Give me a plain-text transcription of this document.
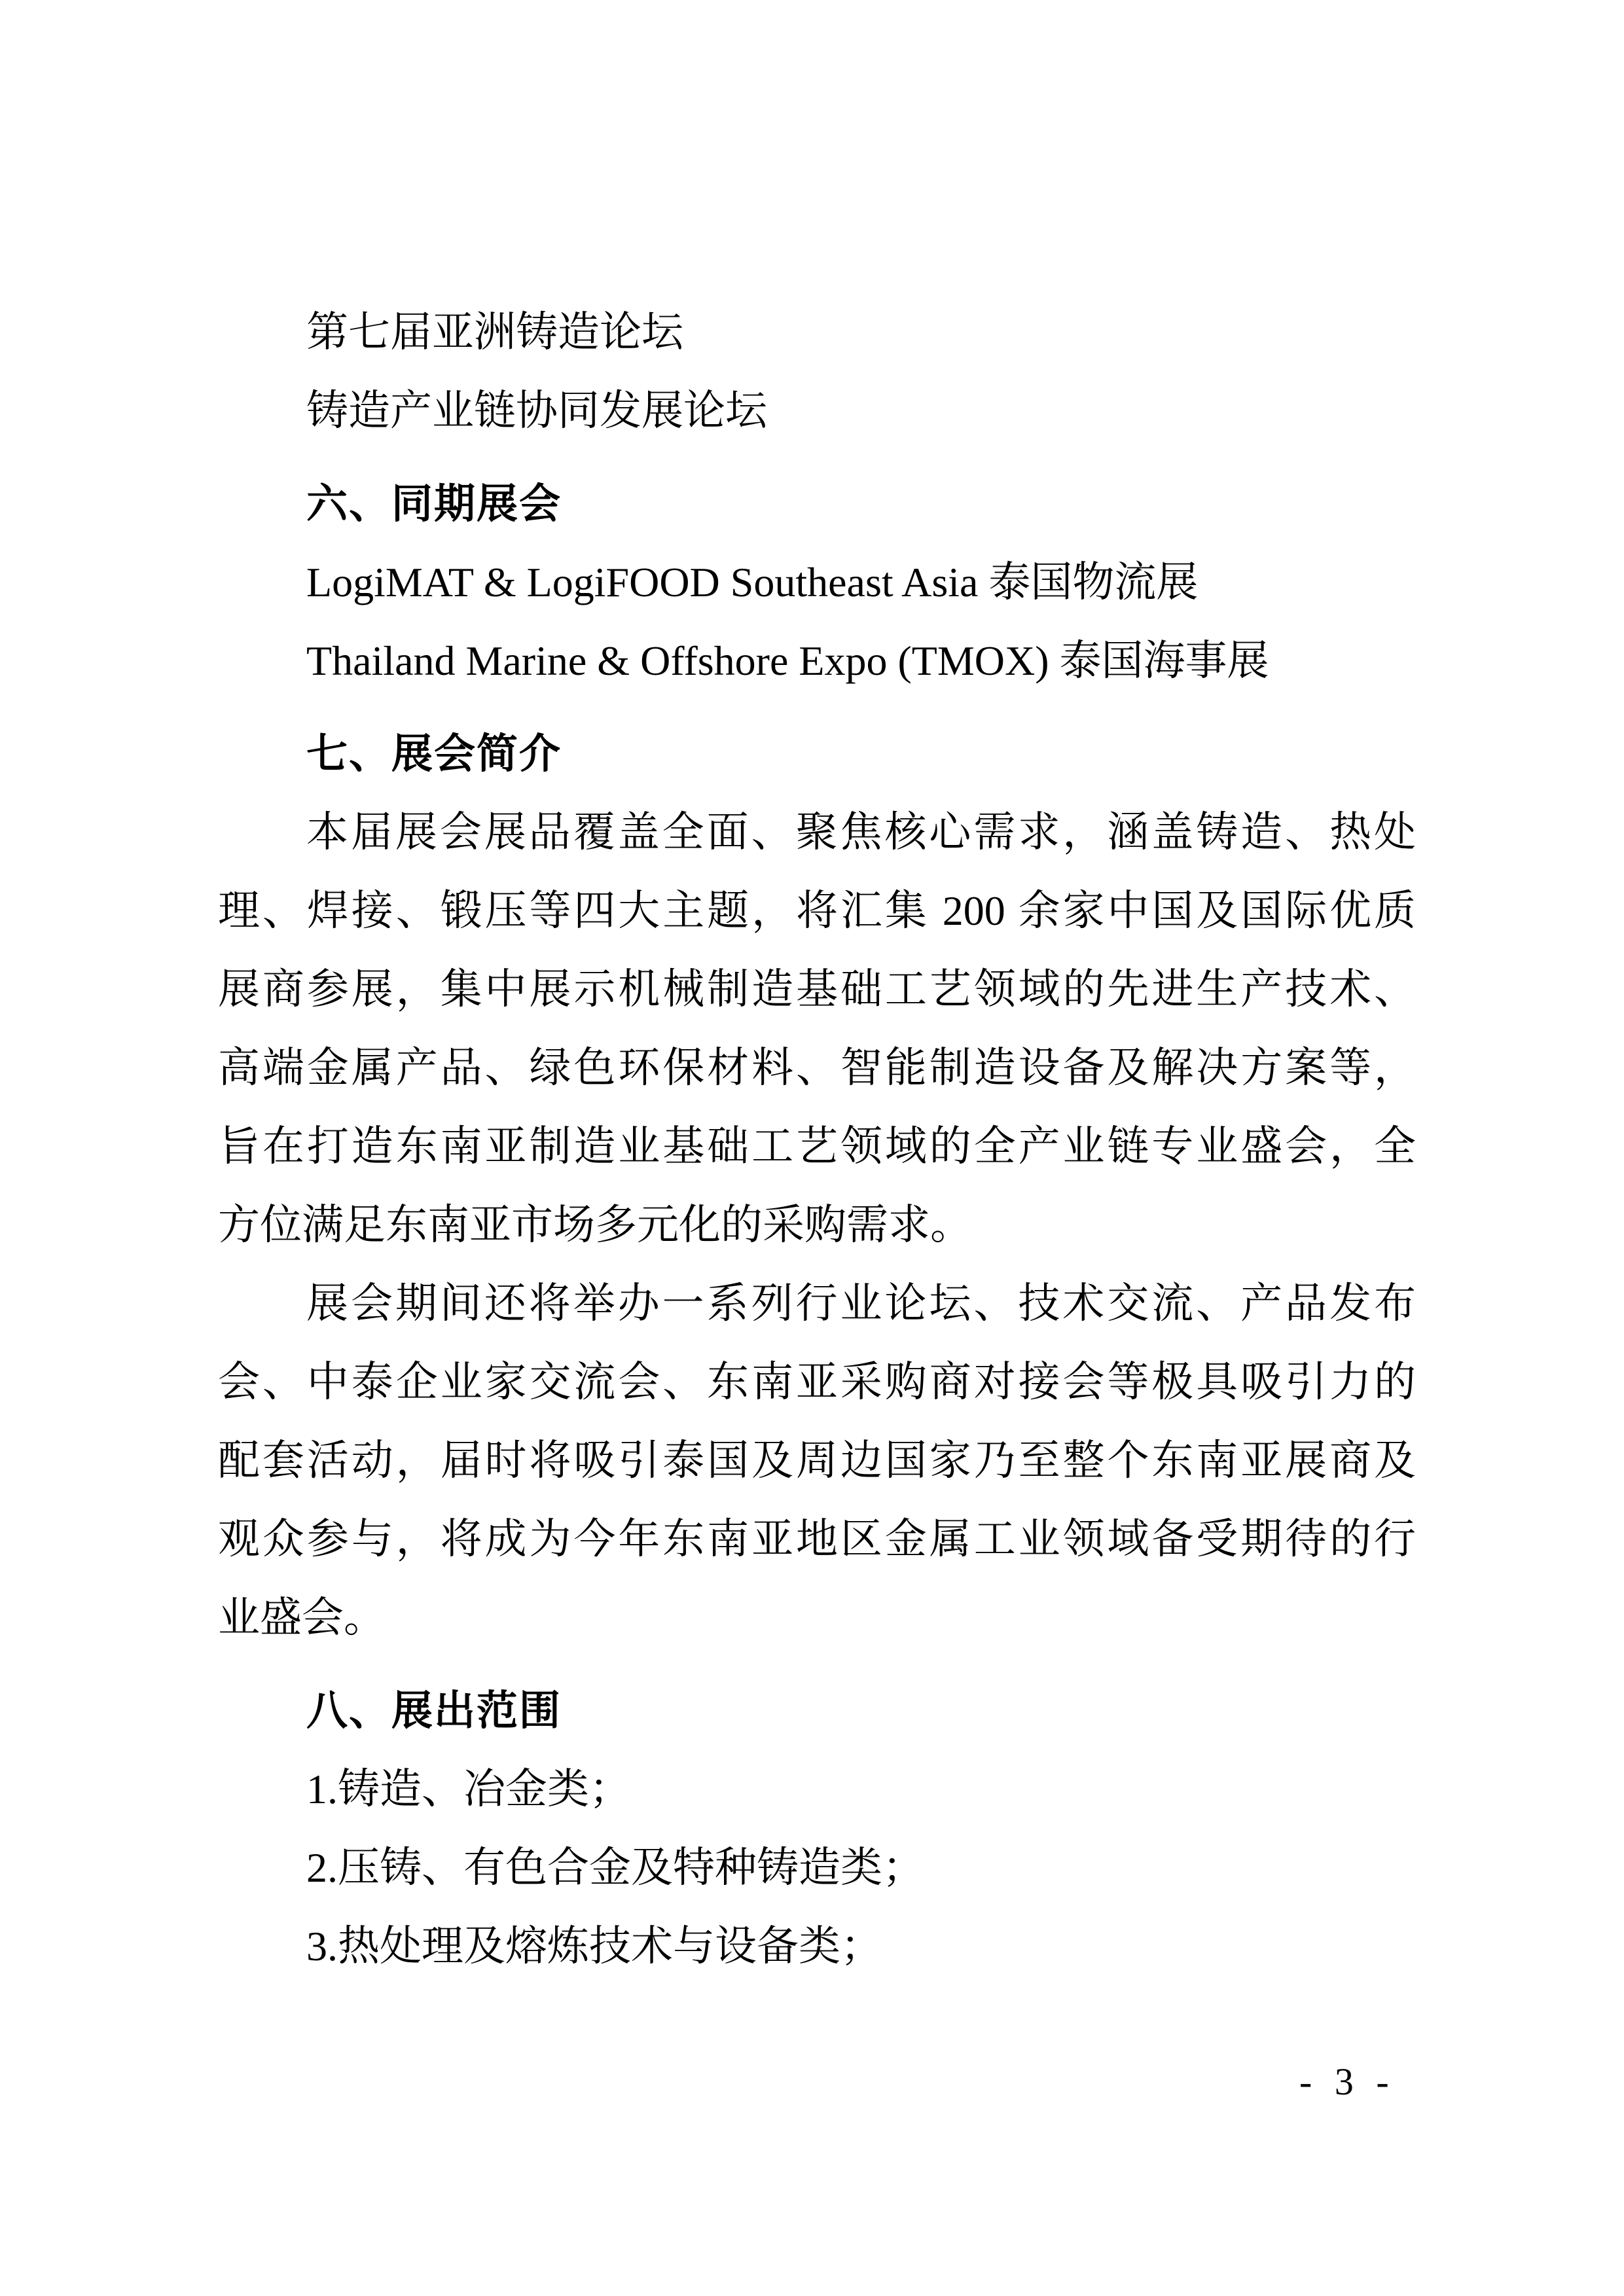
第七届亚洲铸造论坛
铸造产业链协同发展论坛
六、同期展会
LogiMAT & LogiFOOD Southeast Asia 泰国物流展
Thailand Marine & Offshore Expo (TMOX) 泰国海事展
七、展会简介
本届展会展品覆盖全面、聚焦核心需求，涵盖铸造、热处
理、焊接、锻压等四大主题，将汇集 200 余家中国及国际优质
展商参展，集中展示机械制造基础工艺领域的先进生产技术、
高端金属产品、绿色环保材料、智能制造设备及解决方案等，
旨在打造东南亚制造业基础工艺领域的全产业链专业盛会，全
方位满足东南亚市场多元化的采购需求。
展会期间还将举办一系列行业论坛、技术交流、产品发布
会、中泰企业家交流会、东南亚采购商对接会等极具吸引力的
配套活动，届时将吸引泰国及周边国家乃至整个东南亚展商及
观众参与，将成为今年东南亚地区金属工业领域备受期待的行
业盛会。
八、展出范围
1.铸造、冶金类；
2.压铸、有色合金及特种铸造类；
3.热处理及熔炼技术与设备类；
- 3 -
